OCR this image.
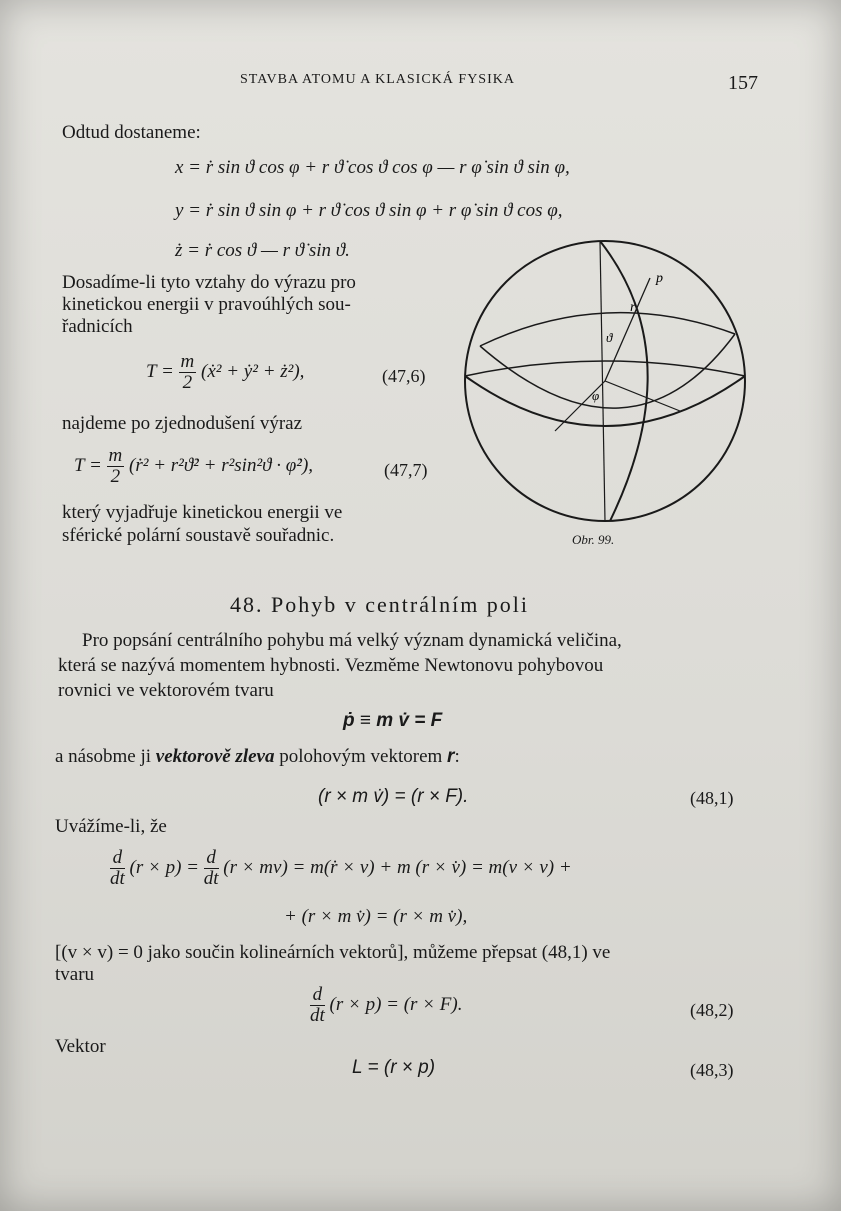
STAVBA ATOMU A KLASICKÁ FYSIKA	157
Odtud dostaneme:
x = ṙ sin ϑ cos φ + r ϑ̇ cos ϑ cos φ — r φ̇ sin ϑ sin φ,
y = ṙ sin ϑ sin φ + r ϑ̇ cos ϑ sin φ + r φ̇ sin ϑ cos φ,
ż = ṙ cos ϑ — r ϑ̇ sin ϑ.
Dosadíme-li tyto vztahy do výrazu pro
kinetickou energii v pravoúhlých sou-
řadnicích
$T = \frac{m}{2}$ (ẋ² + ẏ² + ż²),	(47,6)
najdeme po zjednodušení výraz
$T = \frac{m}{2}$ (ṙ² + r²ϑ̇² + r²sin²ϑ · φ̇²),	(47,7)
který vyjadřuje kinetickou energii ve
sférické polární soustavě souřadnic.
p
r
ϑ
φ
Obr. 99.
48. Pohyb v centrálním poli
Pro popsání centrálního pohybu má velký význam dynamická veličina,
která se nazývá momentem hybnosti. Vezměme Newtonovu pohybovou
rovnici ve vektorovém tvaru
ṗ ≡ m v̇ = F
a násobme ji vektorově zleva polohovým vektorem r:
(r × m v̇) = (r × F).	(48,1)
Uvážíme-li, že
$\frac{d}{dt} (r \times p) = \frac{d}{dt} (r \times mv)$ = m(ṙ × v) + m (r × v̇) = m(v × v) +
+ (r × m v̇) = (r × m v̇),
[(v × v) = 0 jako součin kolineárních vektorů], můžeme přepsat (48,1) ve
tvaru
$\frac{d}{dt} (r \times p) = (r \times F)$.	(48,2)
Vektor
L = (r × p)	(48,3)
